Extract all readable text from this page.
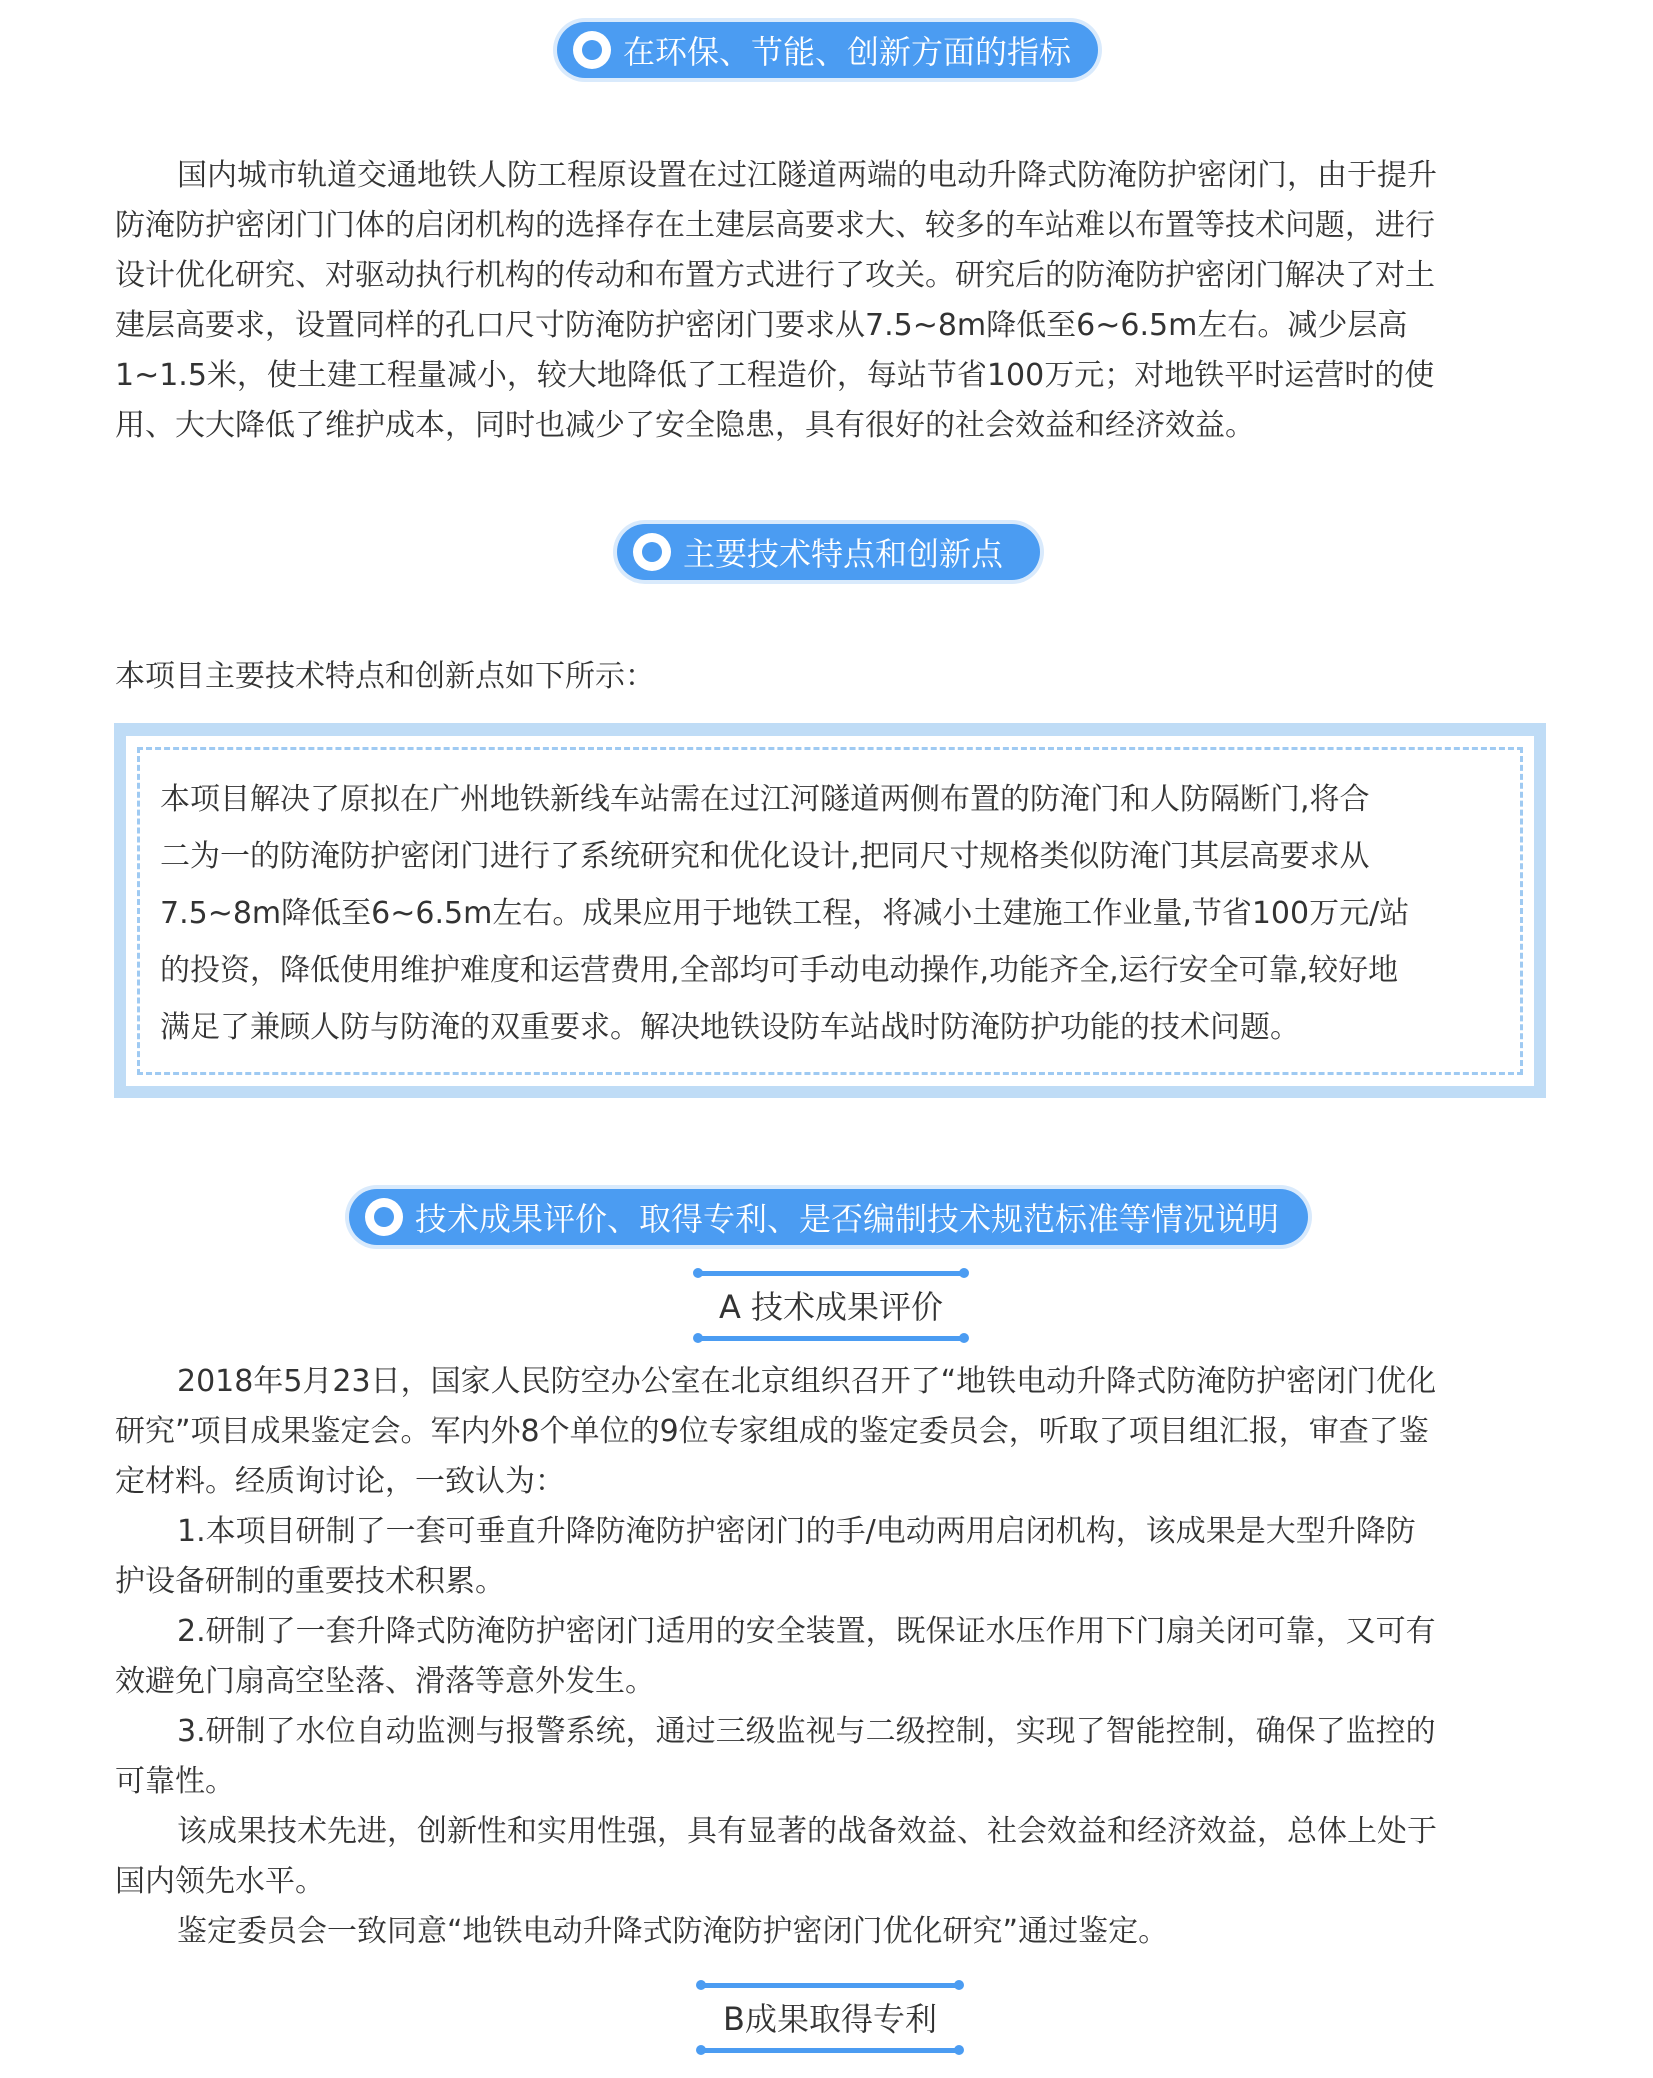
在环保、节能、创新方面的指标
国内城市轨道交通地铁人防工程原设置在过江隧道两端的电动升降式防淹防护密闭门，由于提升
防淹防护密闭门门体的启闭机构的选择存在土建层高要求大、较多的车站难以布置等技术问题，进行
设计优化研究、对驱动执行机构的传动和布置方式进行了攻关。研究后的防淹防护密闭门解决了对土
建层高要求，设置同样的孔口尺寸防淹防护密闭门要求从7.5~8m降低至6~6.5m左右。减少层高
1~1.5米，使土建工程量减小，较大地降低了工程造价，每站节省100万元；对地铁平时运营时的使
用、大大降低了维护成本，同时也减少了安全隐患，具有很好的社会效益和经济效益。
主要技术特点和创新点
本项目主要技术特点和创新点如下所示：
本项目解决了原拟在广州地铁新线车站需在过江河隧道两侧布置的防淹门和人防隔断门,将合
二为一的防淹防护密闭门进行了系统研究和优化设计,把同尺寸规格类似防淹门其层高要求从
7.5~8m降低至6~6.5m左右。成果应用于地铁工程，将减小土建施工作业量,节省100万元/站
的投资，降低使用维护难度和运营费用,全部均可手动电动操作,功能齐全,运行安全可靠,较好地
满足了兼顾人防与防淹的双重要求。解决地铁设防车站战时防淹防护功能的技术问题。
技术成果评价、取得专利、是否编制技术规范标准等情况说明
A 技术成果评价
2018年5月23日，国家人民防空办公室在北京组织召开了“地铁电动升降式防淹防护密闭门优化
研究”项目成果鉴定会。军内外8个单位的9位专家组成的鉴定委员会，听取了项目组汇报，审查了鉴
定材料。经质询讨论，一致认为：
1.本项目研制了一套可垂直升降防淹防护密闭门的手/电动两用启闭机构，该成果是大型升降防
护设备研制的重要技术积累。
2.研制了一套升降式防淹防护密闭门适用的安全装置，既保证水压作用下门扇关闭可靠，又可有
效避免门扇高空坠落、滑落等意外发生。
3.研制了水位自动监测与报警系统，通过三级监视与二级控制，实现了智能控制，确保了监控的
可靠性。
该成果技术先进，创新性和实用性强，具有显著的战备效益、社会效益和经济效益，总体上处于
国内领先水平。
鉴定委员会一致同意“地铁电动升降式防淹防护密闭门优化研究”通过鉴定。
B成果取得专利
